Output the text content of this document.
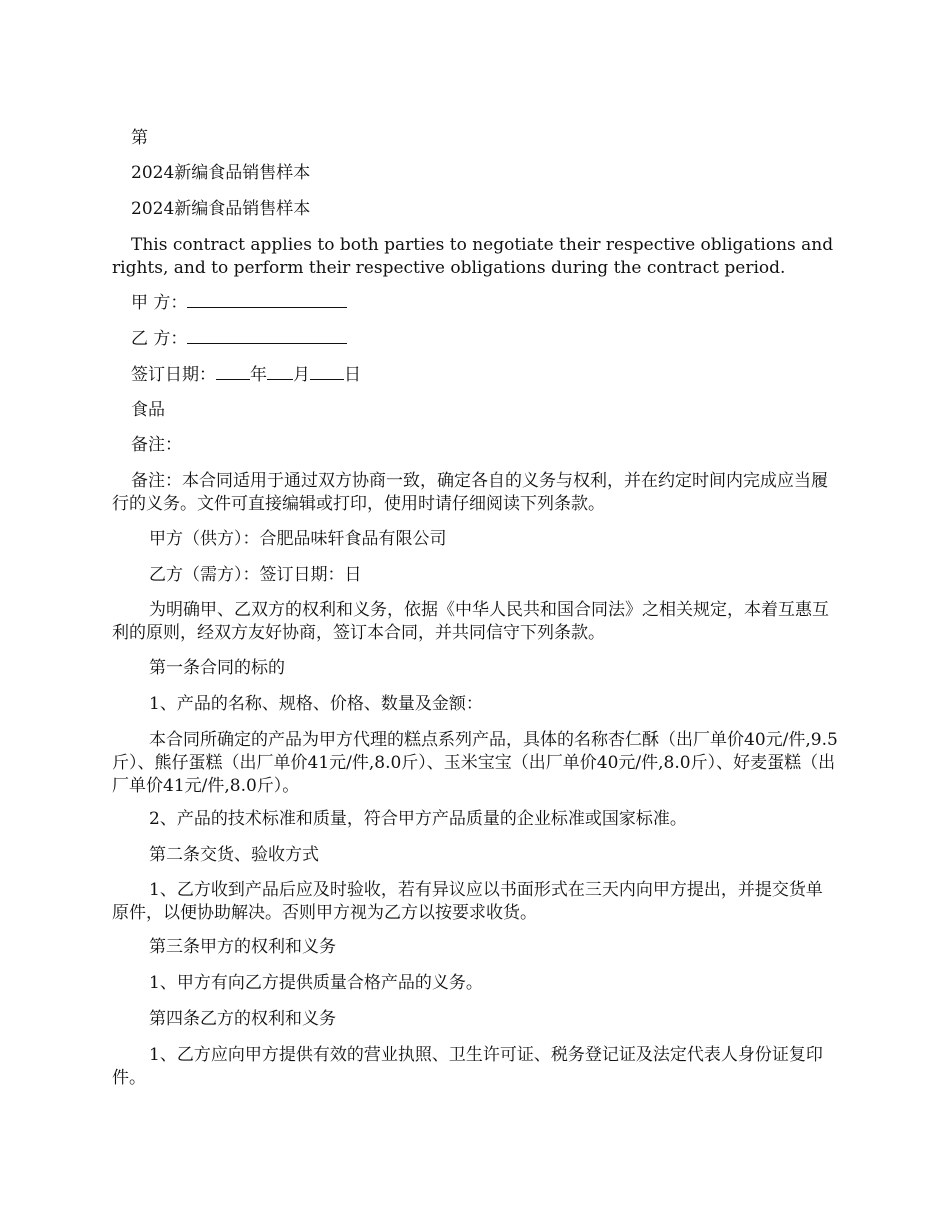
第

2024新编食品销售样本

2024新编食品销售样本

This contract applies to both parties to negotiate their respective obligations and rights, and to perform their respective obligations during the contract period.

甲 方：

乙 方：

签订日期： 年 月 日

食品

备注：

备注：本合同适用于通过双方协商一致，确定各自的义务与权利，并在约定时间内完成应当履行的义务。文件可直接编辑或打印，使用时请仔细阅读下列条款。

甲方（供方）：合肥品味轩食品有限公司

乙方（需方）：签订日期：日

为明确甲、乙双方的权利和义务，依据《中华人民共和国合同法》之相关规定，本着互惠互利的原则，经双方友好协商，签订本合同，并共同信守下列条款。

第一条合同的标的

1、产品的名称、规格、价格、数量及金额：

本合同所确定的产品为甲方代理的糕点系列产品，具体的名称杏仁酥（出厂单价40元/件,9.5斤）、熊仔蛋糕（出厂单价41元/件,8.0斤）、玉米宝宝（出厂单价40元/件,8.0斤）、好麦蛋糕（出厂单价41元/件,8.0斤）。

2、产品的技术标准和质量，符合甲方产品质量的企业标准或国家标准。

第二条交货、验收方式

1、乙方收到产品后应及时验收，若有异议应以书面形式在三天内向甲方提出，并提交货单原件，以便协助解决。否则甲方视为乙方以按要求收货。

第三条甲方的权利和义务

1、甲方有向乙方提供质量合格产品的义务。

第四条乙方的权利和义务

1、乙方应向甲方提供有效的营业执照、卫生许可证、税务登记证及法定代表人身份证复印件。
